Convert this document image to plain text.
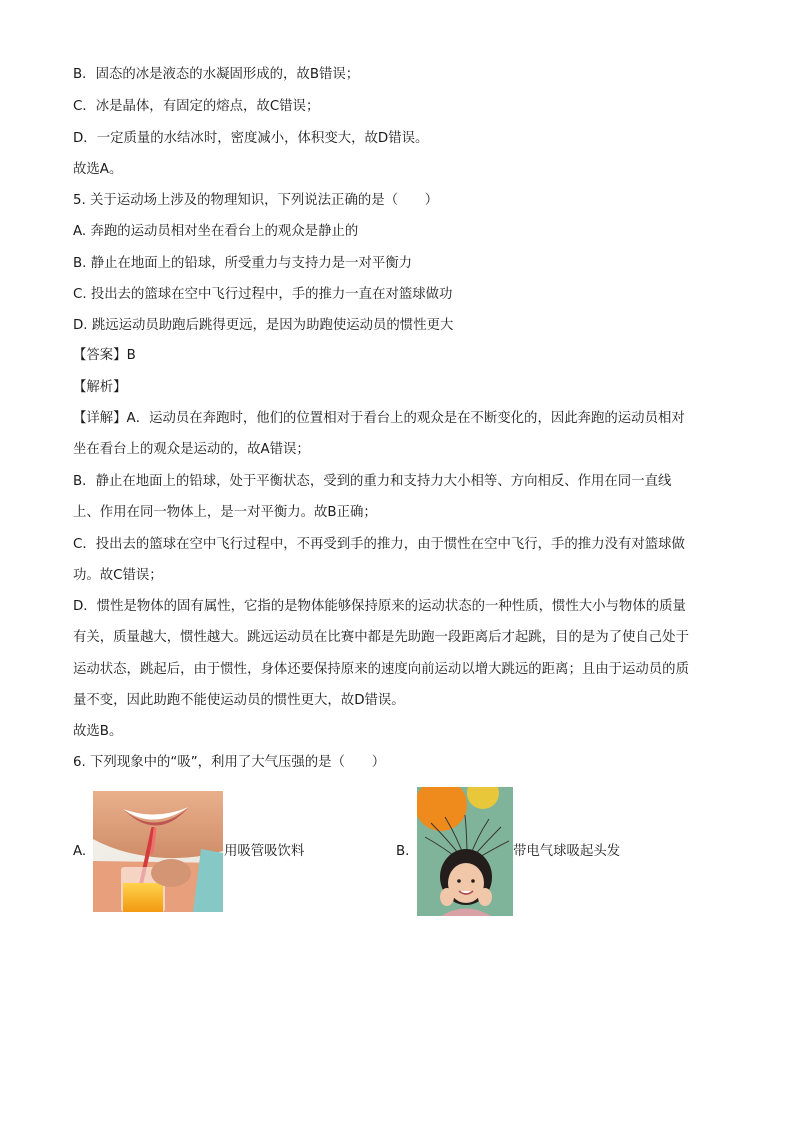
B．固态的冰是液态的水凝固形成的，故B错误；
C．冰是晶体，有固定的熔点，故C错误；
D．一定质量的水结冰时，密度减小，体积变大，故D错误。
故选A。
5. 关于运动场上涉及的物理知识，下列说法正确的是（　　）
A. 奔跑的运动员相对坐在看台上的观众是静止的
B. 静止在地面上的铅球，所受重力与支持力是一对平衡力
C. 投出去的篮球在空中飞行过程中，手的推力一直在对篮球做功
D. 跳远运动员助跑后跳得更远，是因为助跑使运动员的惯性更大
【答案】B
【解析】
【详解】A．运动员在奔跑时，他们的位置相对于看台上的观众是在不断变化的，因此奔跑的运动员相对
坐在看台上的观众是运动的，故A错误；
B．静止在地面上的铅球，处于平衡状态，受到的重力和支持力大小相等、方向相反、作用在同一直线
上、作用在同一物体上，是一对平衡力。故B正确；
C．投出去的篮球在空中飞行过程中，不再受到手的推力，由于惯性在空中飞行，手的推力没有对篮球做
功。故C错误；
D．惯性是物体的固有属性，它指的是物体能够保持原来的运动状态的一种性质，惯性大小与物体的质量
有关，质量越大，惯性越大。跳远运动员在比赛中都是先助跑一段距离后才起跳，目的是为了使自己处于
运动状态，跳起后，由于惯性，身体还要保持原来的速度向前运动以增大跳远的距离；且由于运动员的质
量不变，因此助跑不能使运动员的惯性更大，故D错误。
故选B。
6. 下列现象中的“吸”，利用了大气压强的是（　　）
A.	用吸管吸饮料	B.	带电气球吸起头发
